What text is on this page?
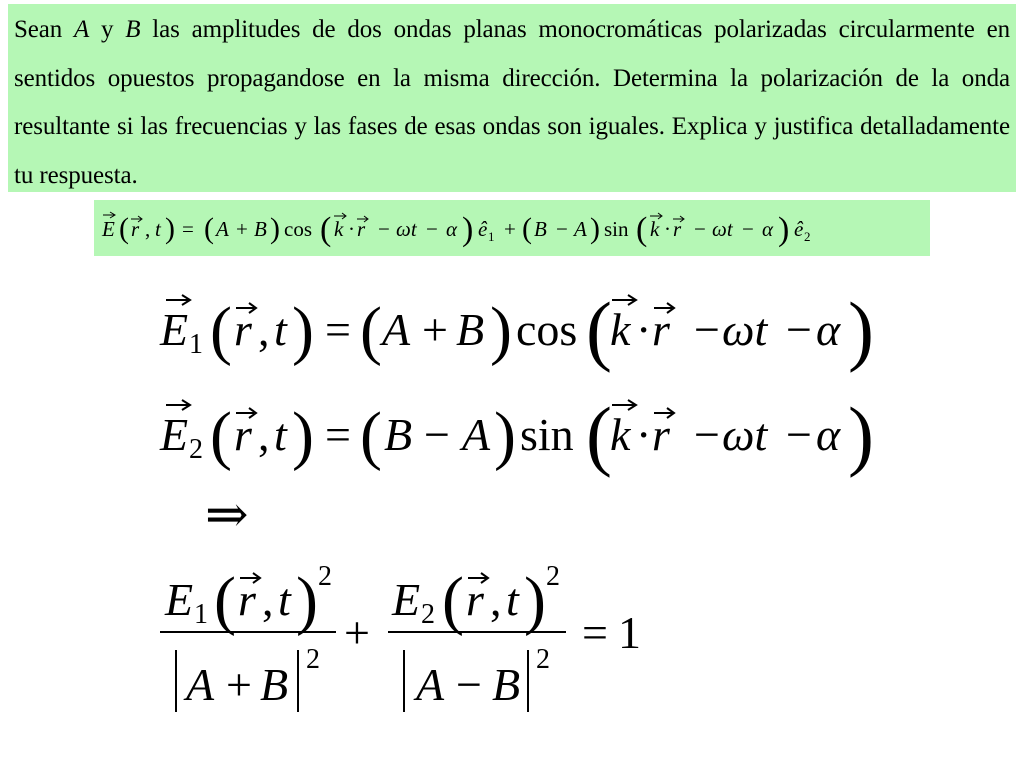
Sean A y B las amplitudes de dos ondas planas monocromáticas polarizadas circularmente en sentidos opuestos propagandose en la misma dirección. Determina la polarización de la onda resultante si las frecuencias y las fases de esas ondas son iguales. Explica y justifica detalladamente tu respuesta.

E ( r , t ) = ( A + B ) cos ( k · r − ωt − α ) ê 1 + ( B − A ) sin ( k · r − ωt − α ) ê 2
E 1 ( r , t ) = ( A + B ) cos (
k · r − ωt − α )
E 2 ( r , t ) = ( B − A ) sin (
k · r − ωt − α )
⇒
E 1 ( r , t ) 2
A + B 2
+
E 2 ( r , t ) 2
A − B 2
= 1
